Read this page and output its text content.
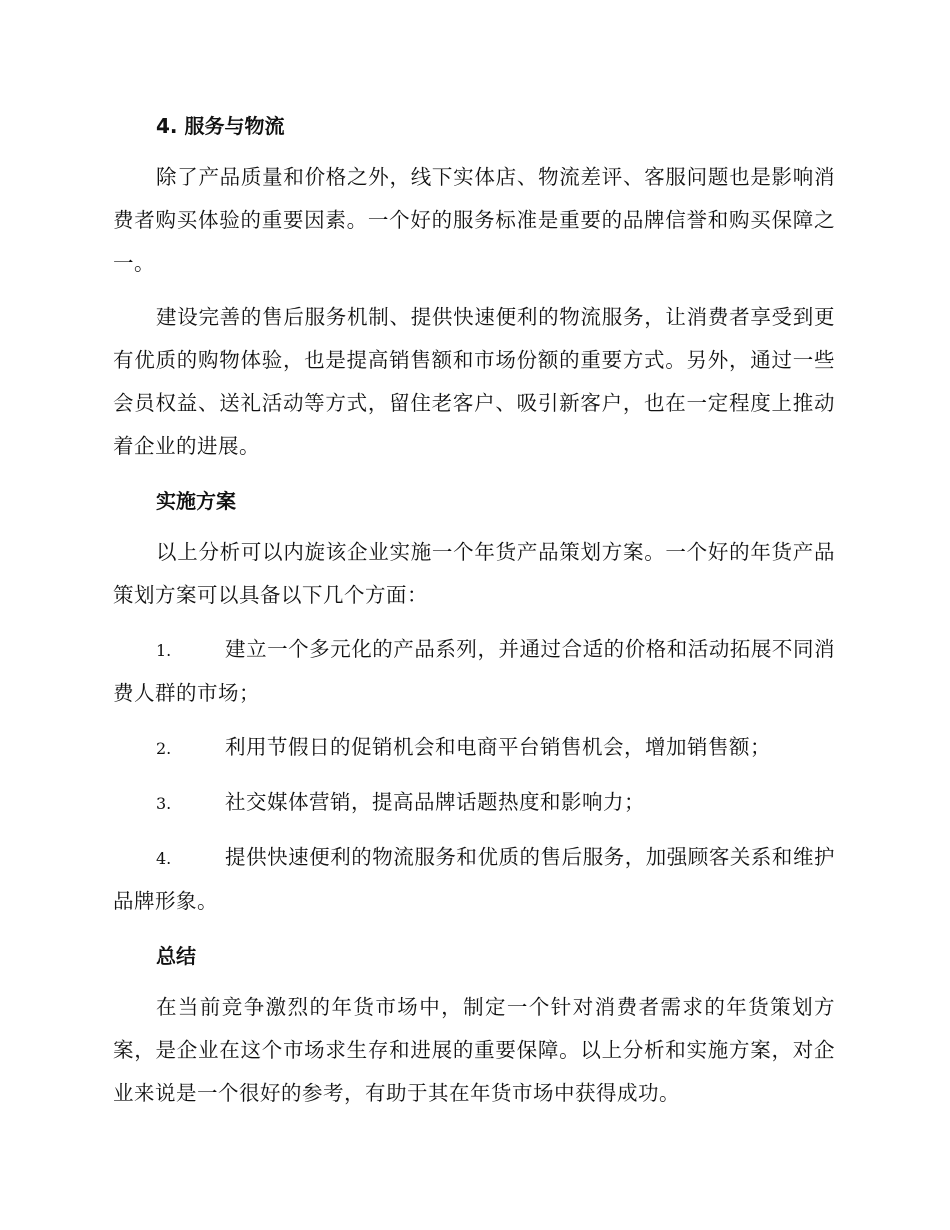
4. 服务与物流

除了产品质量和价格之外，线下实体店、物流差评、客服问题也是影响消费者购买体验的重要因素。一个好的服务标准是重要的品牌信誉和购买保障之一。

建设完善的售后服务机制、提供快速便利的物流服务，让消费者享受到更有优质的购物体验，也是提高销售额和市场份额的重要方式。另外，通过一些会员权益、送礼活动等方式，留住老客户、吸引新客户，也在一定程度上推动着企业的进展。

实施方案

以上分析可以内旋该企业实施一个年货产品策划方案。一个好的年货产品策划方案可以具备以下几个方面：

1.	建立一个多元化的产品系列，并通过合适的价格和活动拓展不同消费人群的市场；

2.	利用节假日的促销机会和电商平台销售机会，增加销售额；

3.	社交媒体营销，提高品牌话题热度和影响力；

4.	提供快速便利的物流服务和优质的售后服务，加强顾客关系和维护品牌形象。

总结

在当前竞争激烈的年货市场中，制定一个针对消费者需求的年货策划方案，是企业在这个市场求生存和进展的重要保障。以上分析和实施方案，对企业来说是一个很好的参考，有助于其在年货市场中获得成功。
